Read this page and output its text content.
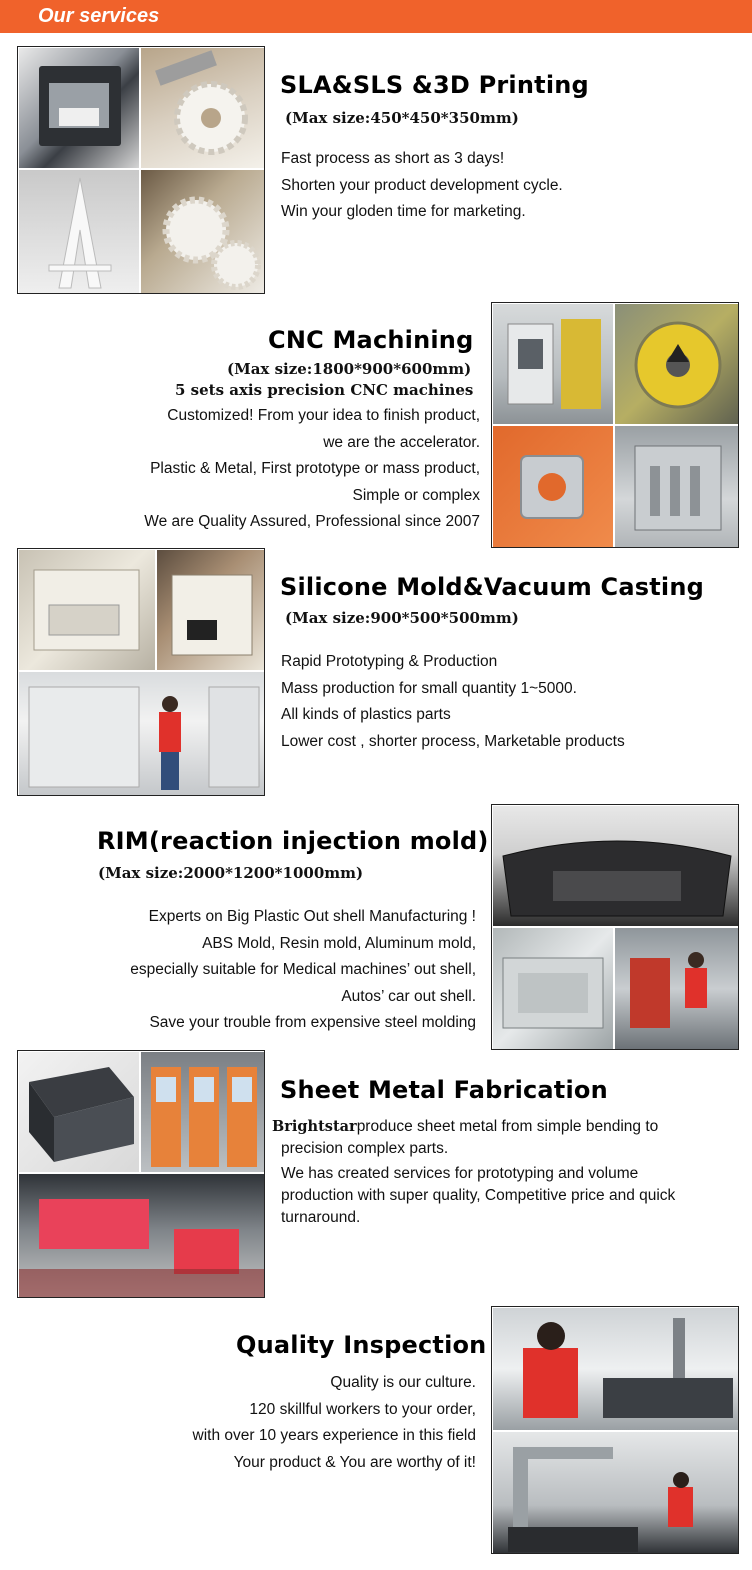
Our services
SLA&SLS &3D Printing
(Max size:450*450*350mm)
Fast process as short as 3 days!
Shorten your product development cycle.
Win your gloden time for marketing.
CNC Machining
(Max size:1800*900*600mm)
5 sets axis precision CNC machines
Customized! From your idea to finish product,
we are the accelerator.
Plastic & Metal, First prototype or mass product,
Simple or complex
We are Quality Assured, Professional since 2007
Silicone Mold&Vacuum Casting
(Max size:900*500*500mm)
Rapid Prototyping & Production
Mass production for small quantity 1~5000.
All kinds of plastics parts
Lower cost , shorter process, Marketable products
RIM(reaction injection mold)
(Max size:2000*1200*1000mm)
Experts on Big Plastic Out shell Manufacturing !
ABS Mold, Resin mold, Aluminum mold,
especially suitable for Medical machines’ out shell,
Autos’ car out shell.
Save your trouble from expensive steel molding
Sheet Metal Fabrication
Brightstarproduce sheet metal from simple bending to
precision complex parts.
We has created services for prototyping and volume
production with super quality, Competitive price and quick
turnaround.
Quality Inspection
Quality is our culture.
120 skillful workers to your order,
with over 10 years experience in this field
Your product & You are worthy of it!
